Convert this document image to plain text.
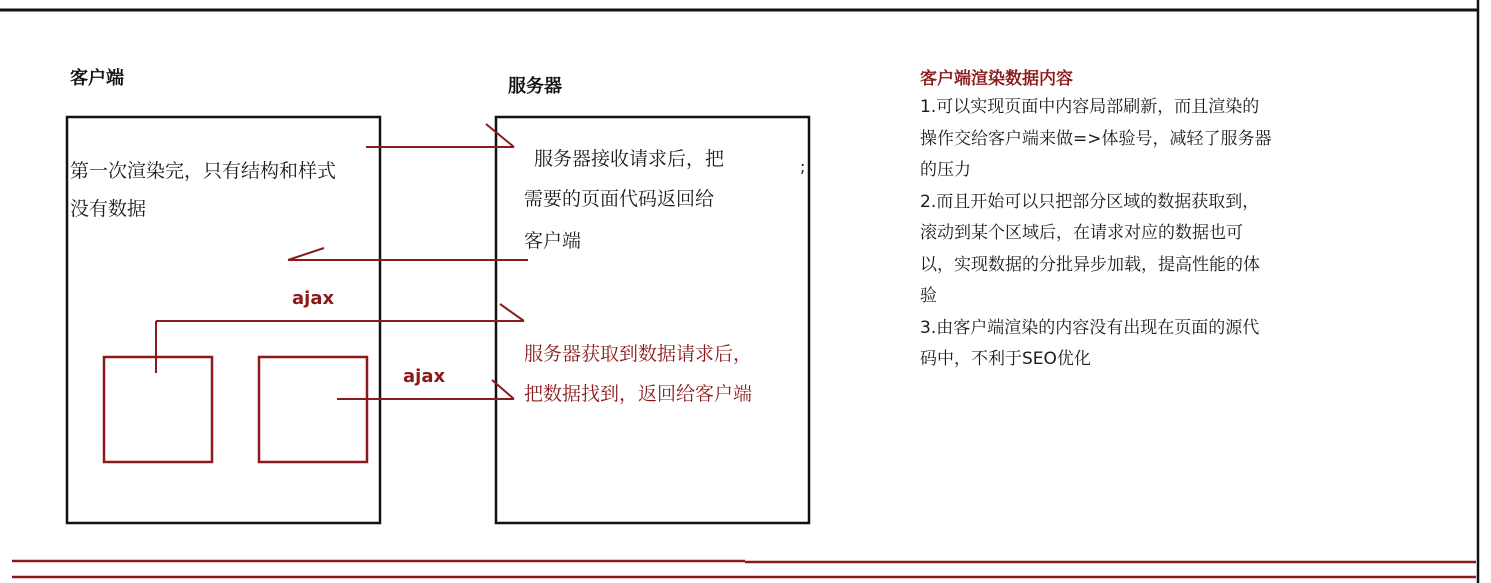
客户端	服务器
第一次渲染完，只有结构和样式
没有数据
服务器接收请求后，把
需要的页面代码返回给
客户端
;
服务器获取到数据请求后，
把数据找到，返回给客户端
ajax
ajax
客户端渲染数据内容
1.可以实现页面中内容局部刷新，而且渲染的
操作交给客户端来做=>体验号，减轻了服务器
的压力
2.而且开始可以只把部分区域的数据获取到，
滚动到某个区域后，在请求对应的数据也可
以，实现数据的分批异步加载，提高性能的体
验
3.由客户端渲染的内容没有出现在页面的源代
码中，不利于SEO优化
